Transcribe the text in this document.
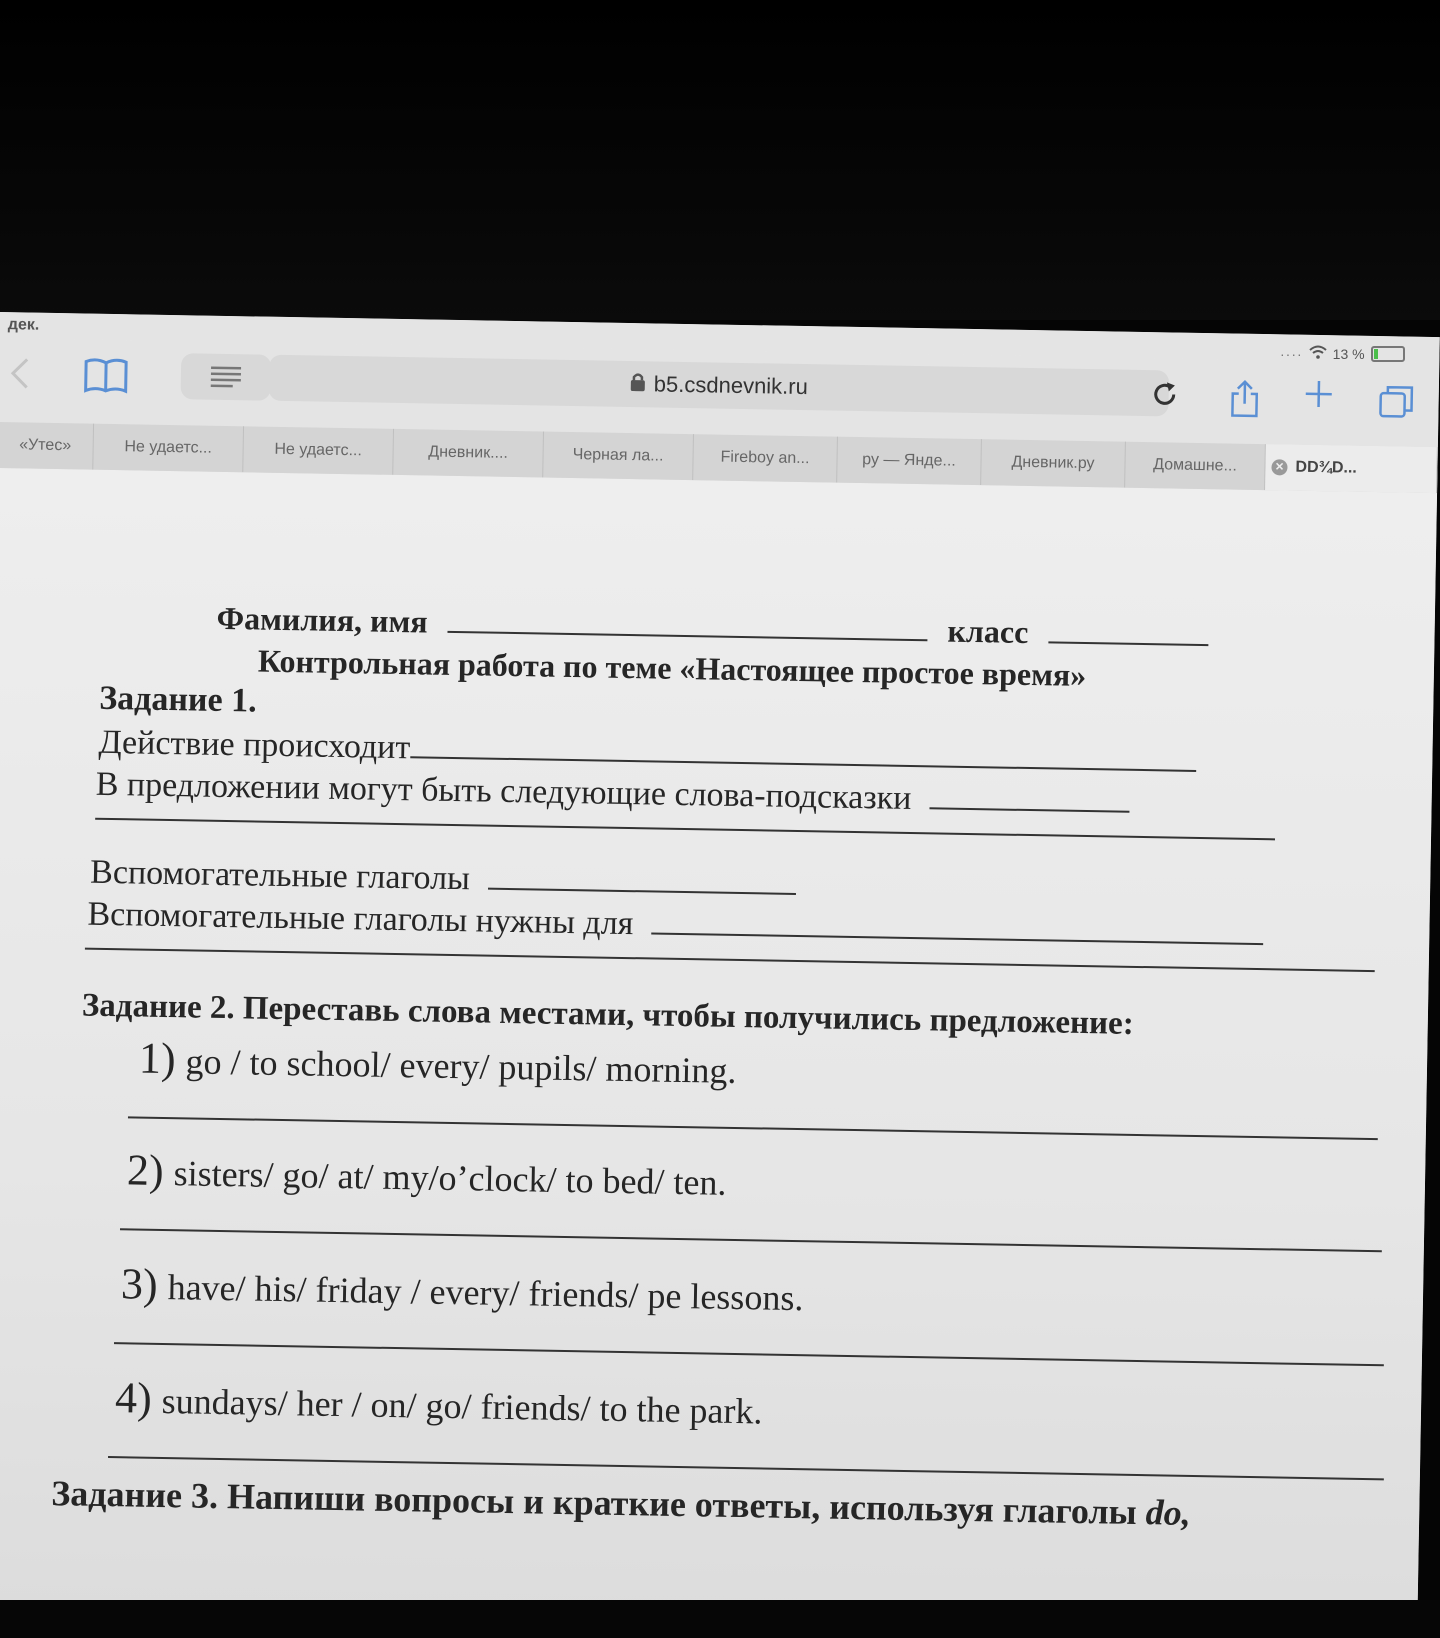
дек.
b5.csdnevnik.ru
«Утес»	Не удаетс...	Не удаетс...	Дневник....	Черная ла...	Fireboy an...	ру — Янде...	Дневник.ру	Домашне...	✕ DD¾D...
Фамилия, имя	класс
Контрольная работа по теме «Настоящее простое время»
Задание 1.
Действие происходит
В предложении могут быть следующие слова-подсказки
Вспомогательные глаголы
Вспомогательные глаголы нужны для
Задание 2. Переставь слова местами, чтобы получились предложение:
1) go / to school/ every/ pupils/ morning.
2) sisters/ go/ at/ my/o’clock/ to bed/ ten.
3) have/ his/ friday / every/ friends/ pe lessons.
4) sundays/ her / on/ go/ friends/ to the park.
Задание 3. Напиши вопросы и краткие ответы, используя глаголы do,
···· 13 %
